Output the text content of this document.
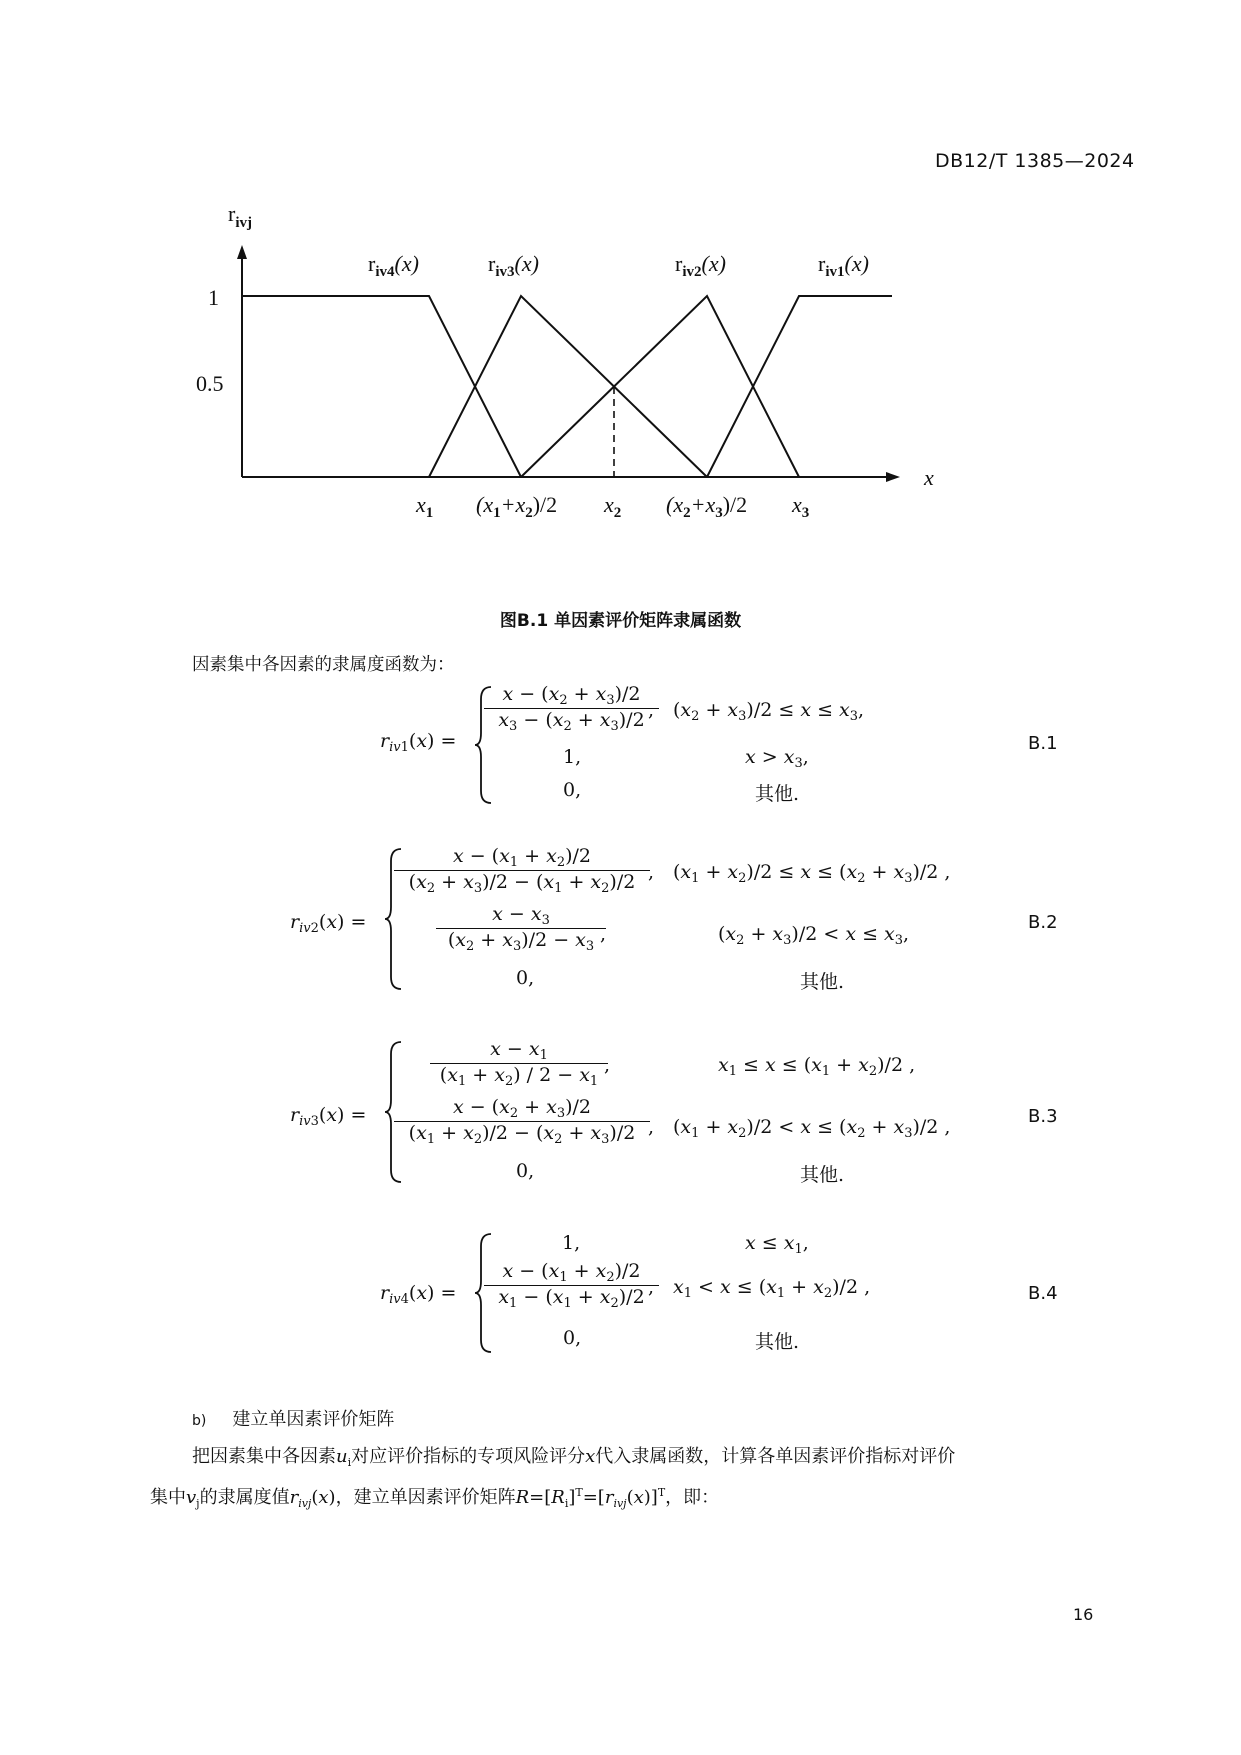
DB12/T 1385—2024
$r_{ivj}$
x
1
0.5
$x_1$ $(x_1+x_2)/2$ $x_2$ $(x_2+x_3)/2$ $x_3$
$r_{iv4}(x)$	$r_{iv3}(x)$	$r_{iv2}(x)$	$r_{iv1}(x)$
图B.1 单因素评价矩阵隶属函数
因素集中各因素的隶属度函数为：
$r_{iv1}(x)$ =
$\frac{x - (x_2 + x_3)/2}{x_3 - (x_2 + x_3)/2}$
, $(x_2 + x_3)/2 \le x \le x_3$,
1,	$x > x_3$,
0,	其他.
B.1
$r_{iv2}(x)$ =
$\frac{x - (x_1 + x_2)/2}{(x_2 + x_3)/2 - (x_1 + x_2)/2}$
, $(x_1 + x_2)/2 \le x \le (x_2 + x_3)/2$ ,
$\frac{x - x_3}{(x_2 + x_3)/2 - x_3}$
,	$(x_2 + x_3)/2 < x \le x_3$,
0,	其他.
B.2
$r_{iv3}(x)$ =
$\frac{x - x_1}{(x_1 + x_2) / 2 - x_1}$
,	$x_1 \le x \le (x_1 + x_2)/2$ ,
$\frac{x - (x_2 + x_3)/2}{(x_1 + x_2)/2 - (x_2 + x_3)/2}$
, $(x_1 + x_2)/2 < x \le (x_2 + x_3)/2$ ,
0,	其他.
B.3
$r_{iv4}(x)$ =
1,	$x \le x_1$,
$\frac{x - (x_1 + x_2)/2}{x_1 - (x_1 + x_2)/2}$
, $x_1 < x \le (x_1 + x_2)/2$ ,
0,	其他.
B.4
b) 建立单因素评价矩阵
把因素集中各因素$u_i$对应评价指标的专项风险评分x代入隶属函数，计算各单因素评价指标对评价
集中$v_j$的隶属度值$r_{ivj}(x)$，建立单因素评价矩阵$R=[R_i]^T=[r_{ivj}(x)]^T$，即：
16
